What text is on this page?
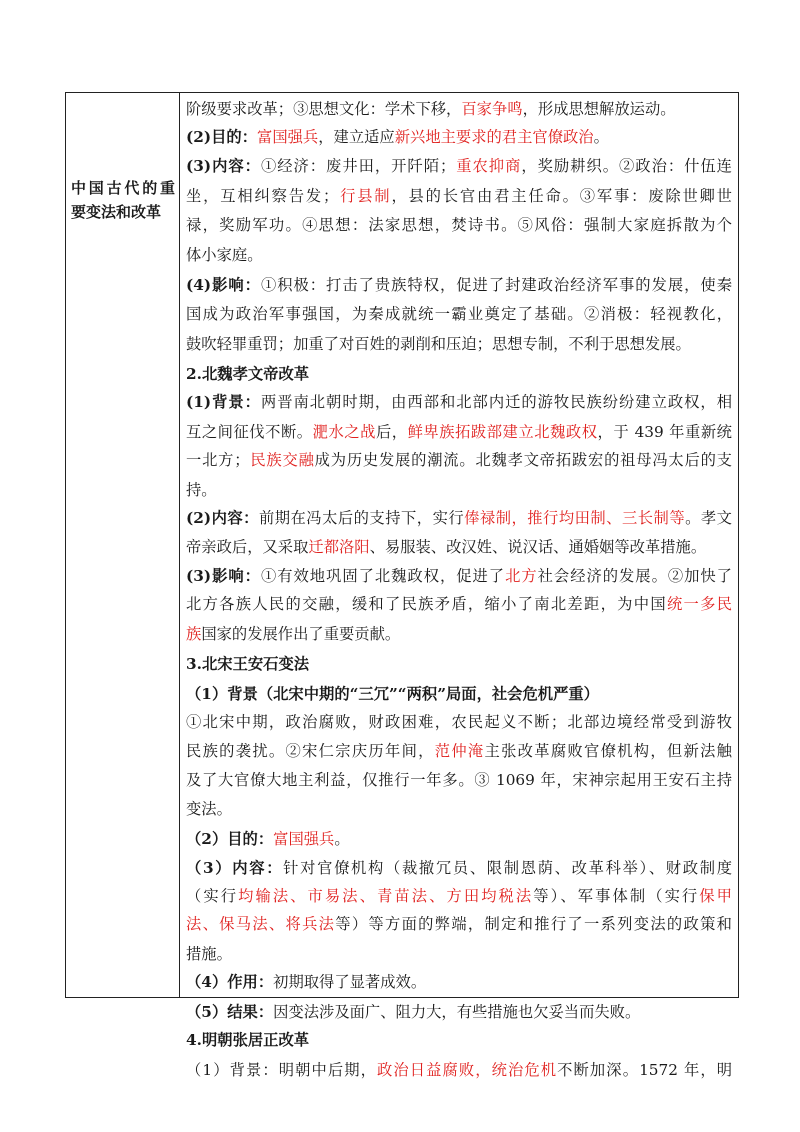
中国古代的重要变法和改革
阶级要求改革；③思想文化：学术下移，百家争鸣，形成思想解放运动。
(2)目的：富国强兵，建立适应新兴地主要求的君主官僚政治。
(3)内容：①经济：废井田，开阡陌；重农抑商，奖励耕织。②政治：什伍连
坐，互相纠察告发；行县制，县的长官由君主任命。③军事：废除世卿世
禄，奖励军功。④思想：法家思想，焚诗书。⑤风俗：强制大家庭拆散为个
体小家庭。
(4)影响：①积极：打击了贵族特权，促进了封建政治经济军事的发展，使秦
国成为政治军事强国，为秦成就统一霸业奠定了基础。②消极：轻视教化，
鼓吹轻罪重罚；加重了对百姓的剥削和压迫；思想专制，不利于思想发展。
2.北魏孝文帝改革
(1)背景：两晋南北朝时期，由西部和北部内迁的游牧民族纷纷建立政权，相
互之间征伐不断。淝水之战后，鲜卑族拓跋部建立北魏政权，于 439 年重新统
一北方；民族交融成为历史发展的潮流。北魏孝文帝拓跋宏的祖母冯太后的支
持。
(2)内容：前期在冯太后的支持下，实行俸禄制，推行均田制、三长制等。孝文
帝亲政后，又采取迁都洛阳、易服装、改汉姓、说汉话、通婚姻等改革措施。
(3)影响：①有效地巩固了北魏政权，促进了北方社会经济的发展。②加快了
北方各族人民的交融，缓和了民族矛盾，缩小了南北差距，为中国统一多民
族国家的发展作出了重要贡献。
3.北宋王安石变法
（1）背景（北宋中期的“三冗”“两积”局面，社会危机严重）
①北宋中期，政治腐败，财政困难，农民起义不断；北部边境经常受到游牧
民族的袭扰。②宋仁宗庆历年间，范仲淹主张改革腐败官僚机构，但新法触
及了大官僚大地主利益，仅推行一年多。③ 1069 年，宋神宗起用王安石主持
变法。
（2）目的：富国强兵。
（3）内容：针对官僚机构（裁撤冗员、限制恩荫、改革科举）、财政制度
（实行均输法、市易法、青苗法、方田均税法等）、军事体制（实行保甲
法、保马法、将兵法等）等方面的弊端，制定和推行了一系列变法的政策和
措施。
（4）作用：初期取得了显著成效。
（5）结果：因变法涉及面广、阻力大，有些措施也欠妥当而失败。
4.明朝张居正改革
（1）背景：明朝中后期，政治日益腐败，统治危机不断加深。1572 年，明
